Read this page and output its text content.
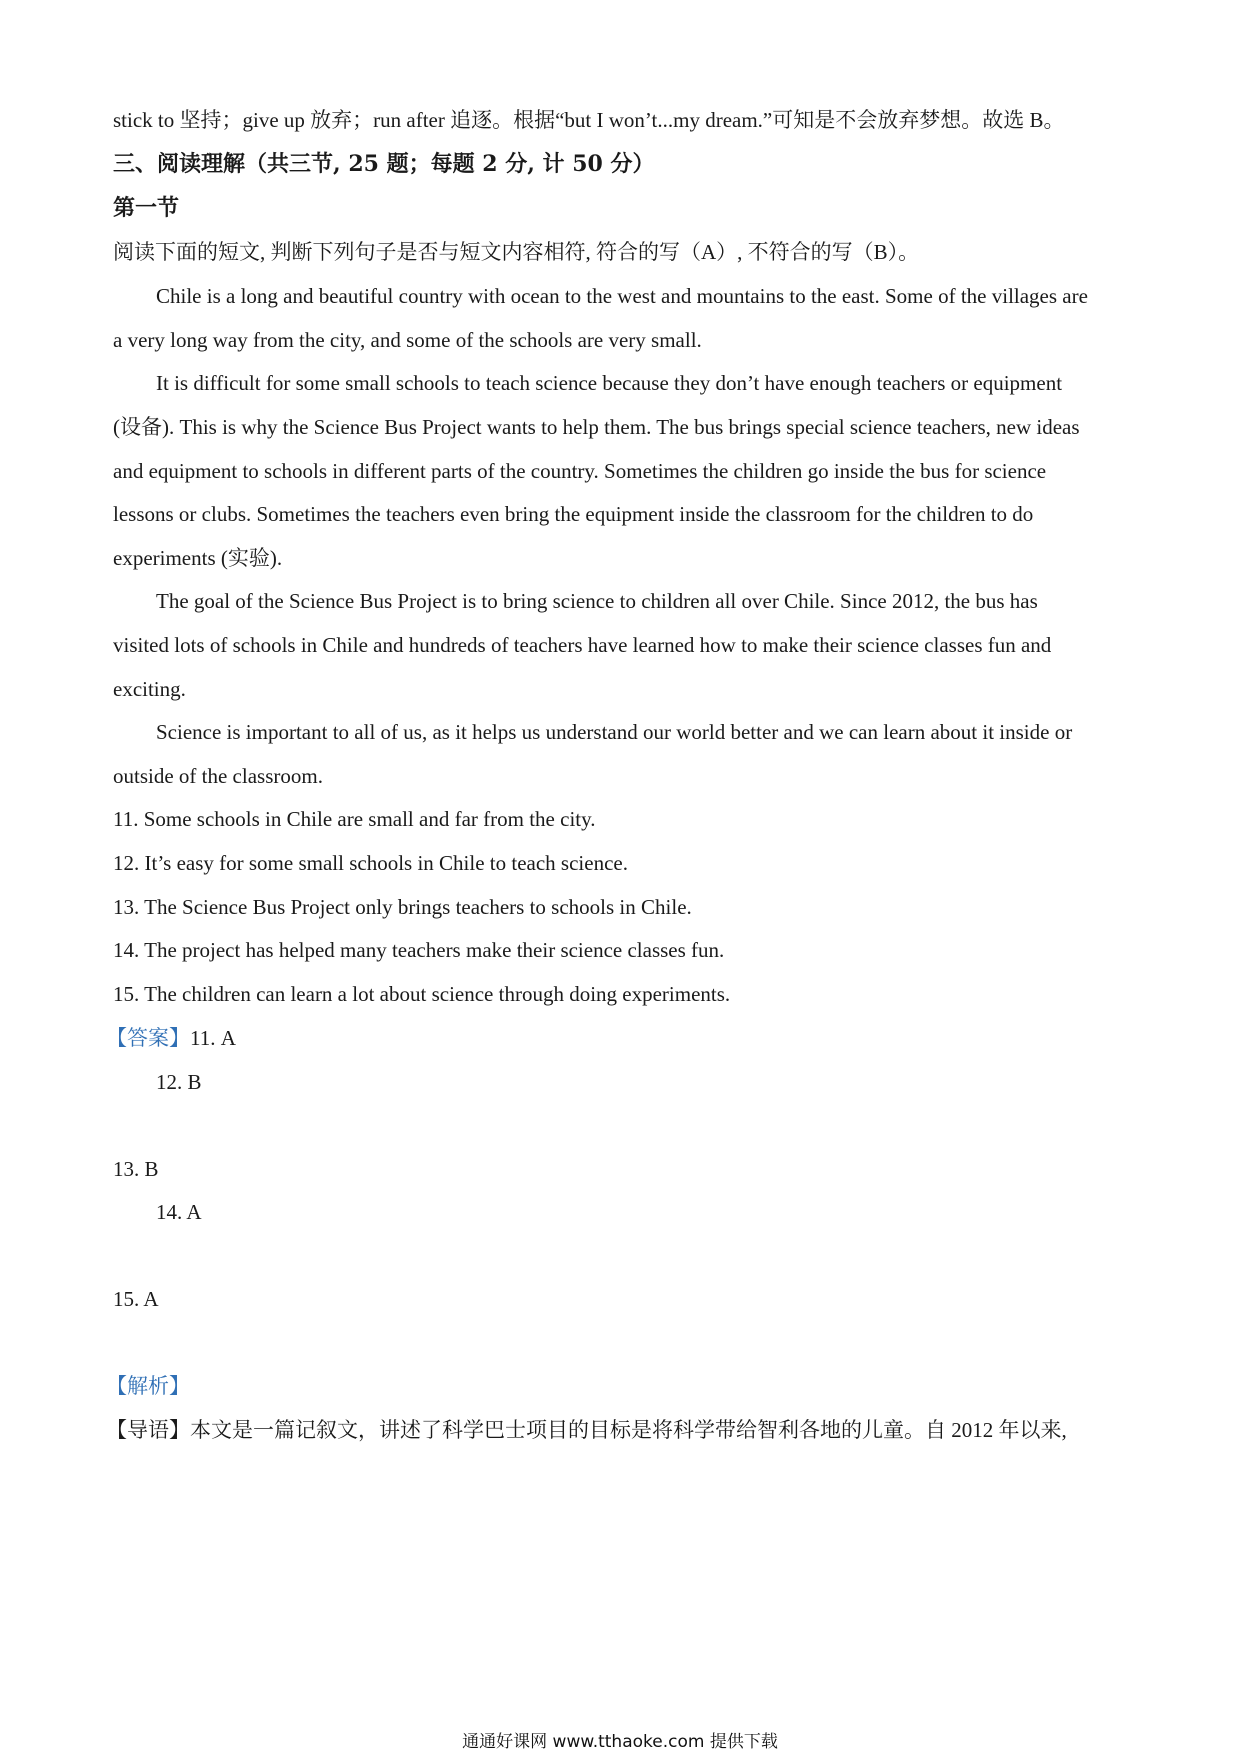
stick to 坚持；give up 放弃；run after 追逐。根据“but I won’t...my dream.”可知是不会放弃梦想。故选 B。
三、阅读理解（共三节, 25 题；每题 2 分, 计 50 分）
第一节
阅读下面的短文, 判断下列句子是否与短文内容相符, 符合的写（A）, 不符合的写（B）。
Chile is a long and beautiful country with ocean to the west and mountains to the east. Some of the villages are
a very long way from the city, and some of the schools are very small.
It is difficult for some small schools to teach science because they don’t have enough teachers or equipment
(设备). This is why the Science Bus Project wants to help them. The bus brings special science teachers, new ideas
and equipment to schools in different parts of the country. Sometimes the children go inside the bus for science
lessons or clubs. Sometimes the teachers even bring the equipment inside the classroom for the children to do
experiments (实验).
The goal of the Science Bus Project is to bring science to children all over Chile. Since 2012, the bus has
visited lots of schools in Chile and hundreds of teachers have learned how to make their science classes fun and
exciting.
Science is important to all of us, as it helps us understand our world better and we can learn about it inside or
outside of the classroom.
11. Some schools in Chile are small and far from the city.
12. It’s easy for some small schools in Chile to teach science.
13. The Science Bus Project only brings teachers to schools in Chile.
14. The project has helped many teachers make their science classes fun.
15. The children can learn a lot about science through doing experiments.
【答案】11. A
12. B
13. B
14. A
15. A
【解析】
【导语】本文是一篇记叙文，讲述了科学巴士项目的目标是将科学带给智利各地的儿童。自 2012 年以来,
通通好课网 www.tthaoke.com 提供下载
